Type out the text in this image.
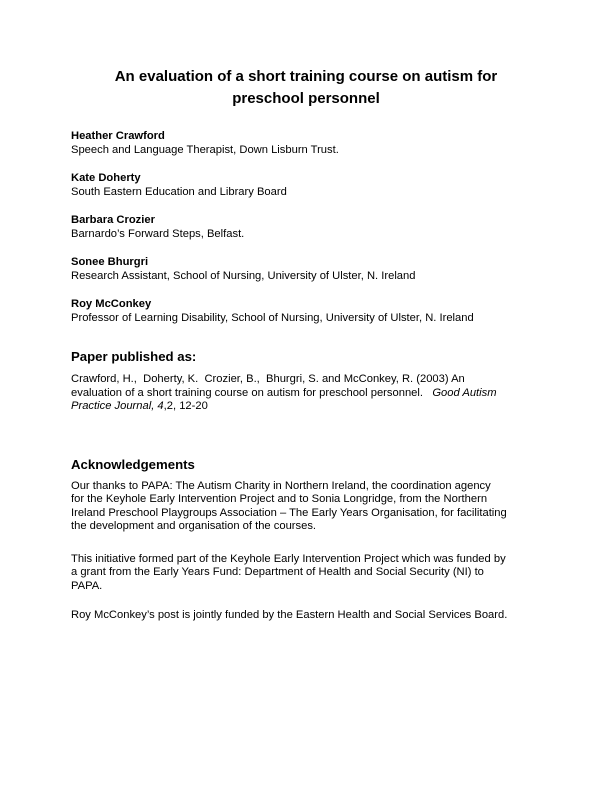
An evaluation of a short training course on autism for
preschool personnel
Heather Crawford
Speech and Language Therapist, Down Lisburn Trust.
Kate Doherty
South Eastern Education and Library Board
Barbara Crozier
Barnardo’s Forward Steps, Belfast.
Sonee Bhurgri
Research Assistant, School of Nursing, University of Ulster, N. Ireland
Roy McConkey
Professor of Learning Disability, School of Nursing, University of Ulster, N. Ireland
Paper published as:
Crawford, H.,  Doherty, K.  Crozier, B.,  Bhurgri, S. and McConkey, R. (2003) An
evaluation of a short training course on autism for preschool personnel.   Good Autism
Practice Journal, 4,2, 12-20
Acknowledgements
Our thanks to PAPA: The Autism Charity in Northern Ireland, the coordination agency
for the Keyhole Early Intervention Project and to Sonia Longridge, from the Northern
Ireland Preschool Playgroups Association – The Early Years Organisation, for facilitating
the development and organisation of the courses.
This initiative formed part of the Keyhole Early Intervention Project which was funded by
a grant from the Early Years Fund: Department of Health and Social Security (NI) to
PAPA.
Roy McConkey’s post is jointly funded by the Eastern Health and Social Services Board.
